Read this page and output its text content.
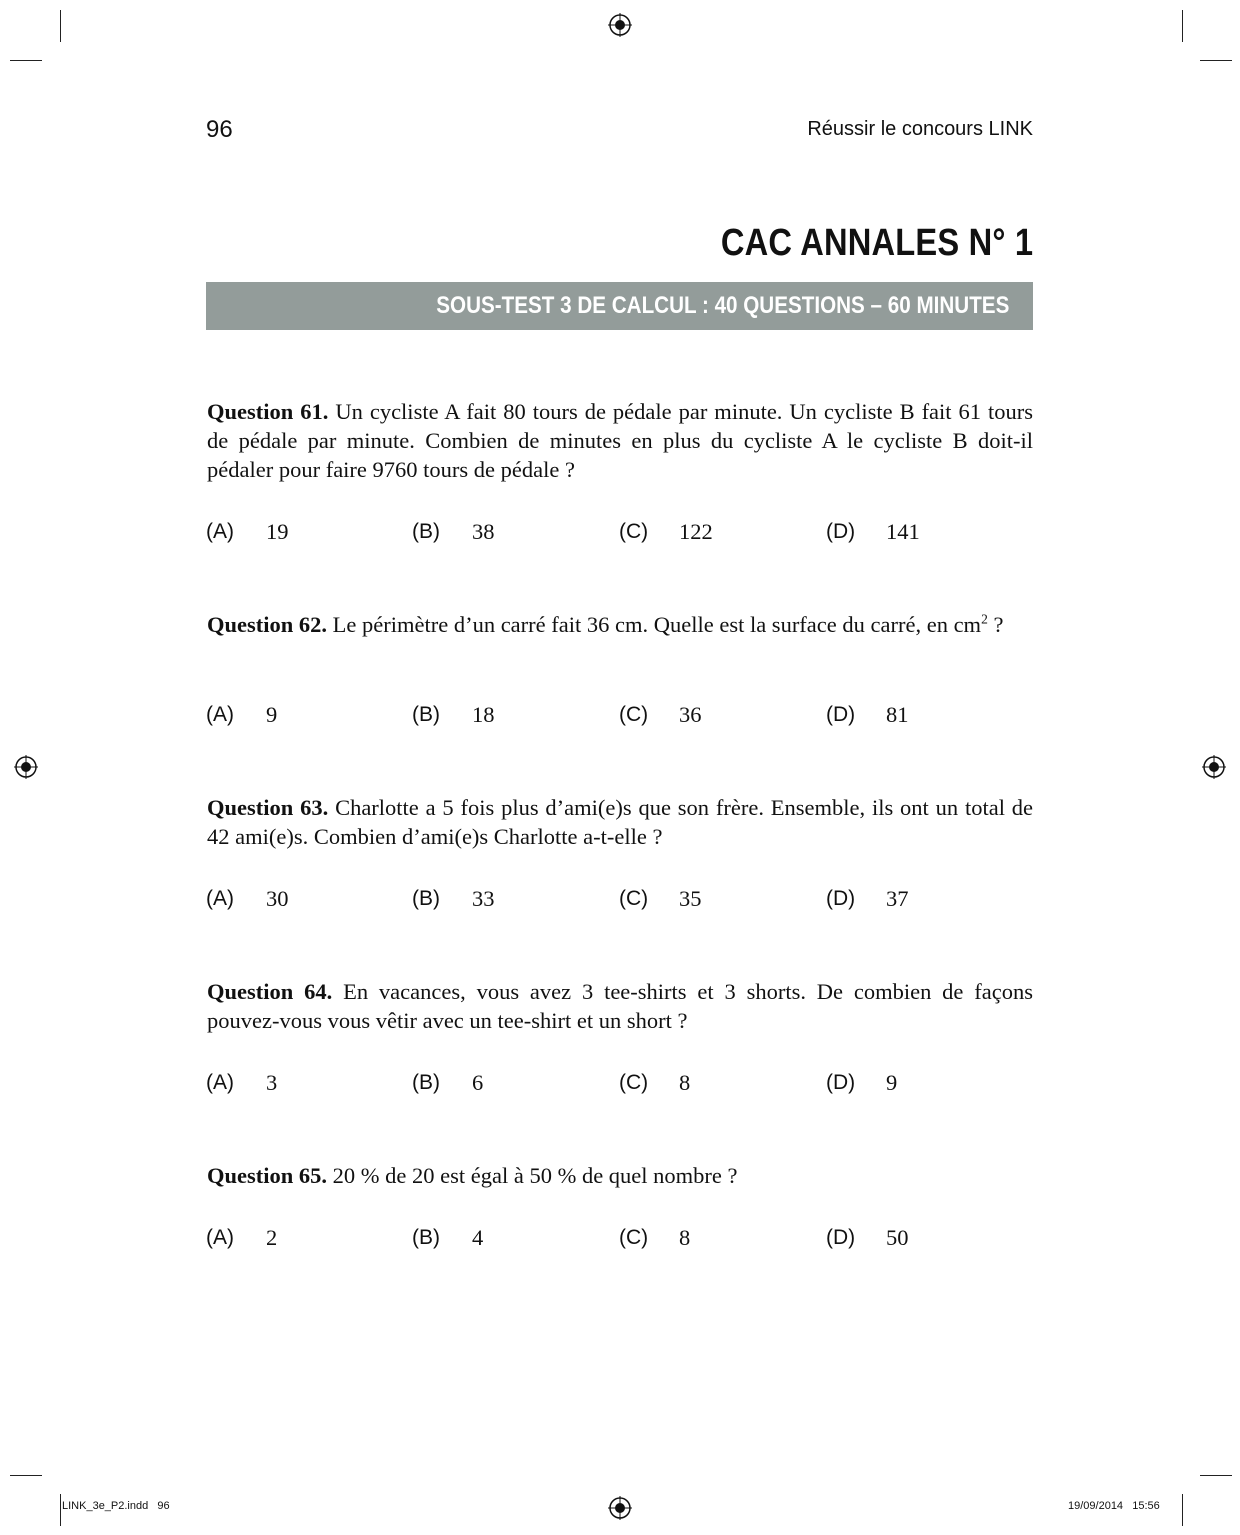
96	Réussir le concours LINK
CAC ANNALES N° 1
SOUS-TEST 3 DE CALCUL : 40 QUESTIONS – 60 MINUTES
Question 61. Un cycliste A fait 80 tours de pédale par minute. Un cycliste B fait 61 tours de pédale par minute. Combien de minutes en plus du cycliste A le cycliste B doit-il pédaler pour faire 9760 tours de pédale ?
(A) 19	(B) 38	(C) 122	(D) 141
Question 62. Le périmètre d’un carré fait 36 cm. Quelle est la surface du carré, en $cm^2$ ?
(A) 9	(B) 18	(C) 36	(D) 81
Question 63. Charlotte a 5 fois plus d’ami(e)s que son frère. Ensemble, ils ont un total de 42 ami(e)s. Combien d’ami(e)s Charlotte a-t-elle ?
(A) 30	(B) 33	(C) 35	(D) 37
Question 64. En vacances, vous avez 3 tee-shirts et 3 shorts. De combien de façons pouvez-vous vous vêtir avec un tee-shirt et un short ?
(A) 3	(B) 6	(C) 8	(D) 9
Question 65. 20 % de 20 est égal à 50 % de quel nombre ?
(A) 2	(B) 4	(C) 8	(D) 50
LINK_3e_P2.indd   96	19/09/2014   15:56
